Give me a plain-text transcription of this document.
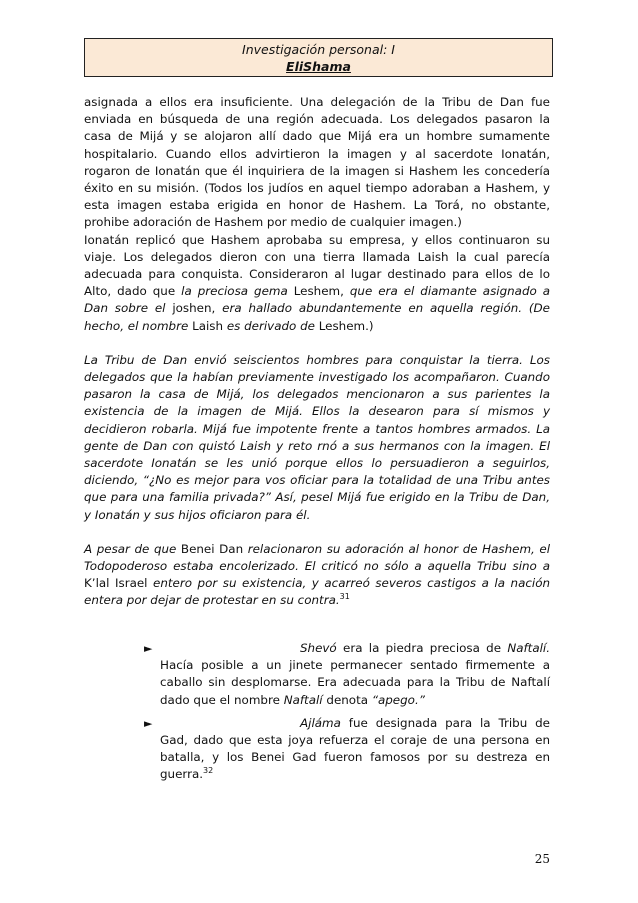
Investigación personal: I
EliShama

asignada a ellos era insuficiente. Una delegación de la Tribu de Dan fue enviada en búsqueda de una región adecuada. Los delegados pasaron la casa de Mijá y se alojaron allí dado que Mijá era un hombre sumamente hospitalario. Cuando ellos advirtieron la imagen y al sacerdote Ionatán, rogaron de Ionatán que él inquiriera de la imagen si Hashem les concedería éxito en su misión. (Todos los judíos en aquel tiempo adoraban a Hashem, y esta imagen estaba erigida en honor de Hashem. La Torá, no obstante, prohibe adoración de Hashem por medio de cualquier imagen.)

Ionatán replicó que Hashem aprobaba su empresa, y ellos continuaron su viaje. Los delegados dieron con una tierra llamada Laish la cual parecía adecuada para conquista. Consideraron al lugar destinado para ellos de lo Alto, dado que la preciosa gema Leshem, que era el diamante asignado a Dan sobre el joshen, era hallado abundantemente en aquella región. (De hecho, el nombre Laish es derivado de Leshem.)

La Tribu de Dan envió seiscientos hombres para conquistar la tierra. Los delegados que la habían previamente investigado los acompañaron. Cuando pasaron la casa de Mijá, los delegados mencionaron a sus parientes la existencia de la imagen de Mijá. Ellos la desearon para sí mismos y decidieron robarla. Mijá fue impotente frente a tantos hombres armados. La gente de Dan con quistó Laish y reto rnó a sus hermanos con la imagen. El sacerdote Ionatán se les unió porque ellos lo persuadieron a seguirlos, diciendo, “¿No es mejor para vos oficiar para la totalidad de una Tribu antes que para una familia privada?” Así, pesel Mijá fue erigido en la Tribu de Dan, y Ionatán y sus hijos oficiaron para él.

A pesar de que Benei Dan relacionaron su adoración al honor de Hashem, el Todopoderoso estaba encolerizado. El criticó no sólo a aquella Tribu sino a K’lal Israel entero por su existencia, y acarreó severos castigos a la nación entera por dejar de protestar en su contra.$^{31}$

►	Shevó era la piedra preciosa de Naftalí. Hacía posible a un jinete permanecer sentado firmemente a caballo sin desplomarse. Era adecuada para la Tribu de Naftalí dado que el nombre Naftalí denota “apego.”
►	Ajláma fue designada para la Tribu de Gad, dado que esta joya refuerza el coraje de una persona en batalla, y los Benei Gad fueron famosos por su destreza en guerra.$^{32}$
25
